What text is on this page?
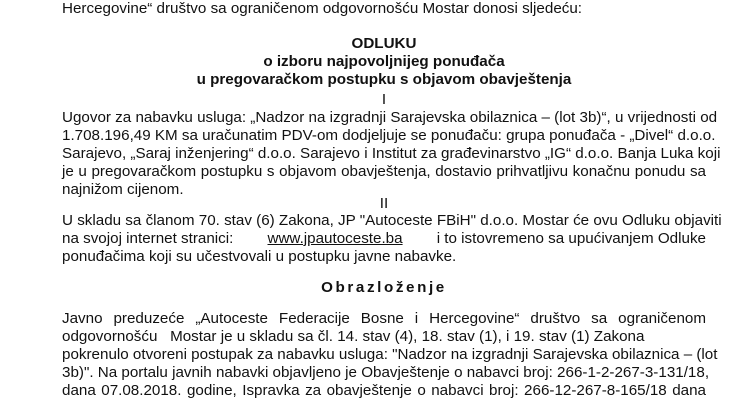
Hercegovine“ društvo sa ograničenom odgovornošću Mostar donosi sljedeću:
ODLUKU
o izboru najpovoljnijeg ponuđača
u pregovaračkom postupku s objavom obavještenja
I
Ugovor za nabavku usluga: „Nadzor na izgradnji Sarajevska obilaznica – (lot 3b)“, u vrijednosti od
1.708.196,49 KM sa uračunatim PDV-om dodjeljuje se ponuđaču: grupa ponuđača - „Divel“ d.o.o.
Sarajevo, „Saraj inženjering“ d.o.o. Sarajevo i Institut za građevinarstvo „IG“ d.o.o. Banja Luka koji
je u pregovaračkom postupku s objavom obavještenja, dostavio prihvatljivu konačnu ponudu sa
najnižom cijenom.
II
U skladu sa članom 70. stav (6) Zakona, JP "Autoceste FBiH" d.o.o. Mostar će ovu Odluku objaviti
na svojoj internet stranici: www.jpautoceste.ba i to istovremeno sa upućivanjem Odluke
ponuđačima koji su učestvovali u postupku javne nabavke.
Obrazloženje
Javno preduzeće „Autoceste Federacije Bosne i Hercegovine“ društvo sa ograničenom
odgovornošću   Mostar je u skladu sa čl. 14. stav (4), 18. stav (1), i 19. stav (1) Zakona
pokrenulo otvoreni postupak za nabavku usluga: "Nadzor na izgradnji Sarajevska obilaznica – (lot
3b)". Na portalu javnih nabavki objavljeno je Obavještenje o nabavci broj: 266-1-2-267-3-131/18,
dana 07.08.2018. godine, Ispravka za obavještenje o nabavci broj: 266-12-267-8-165/18 dana
